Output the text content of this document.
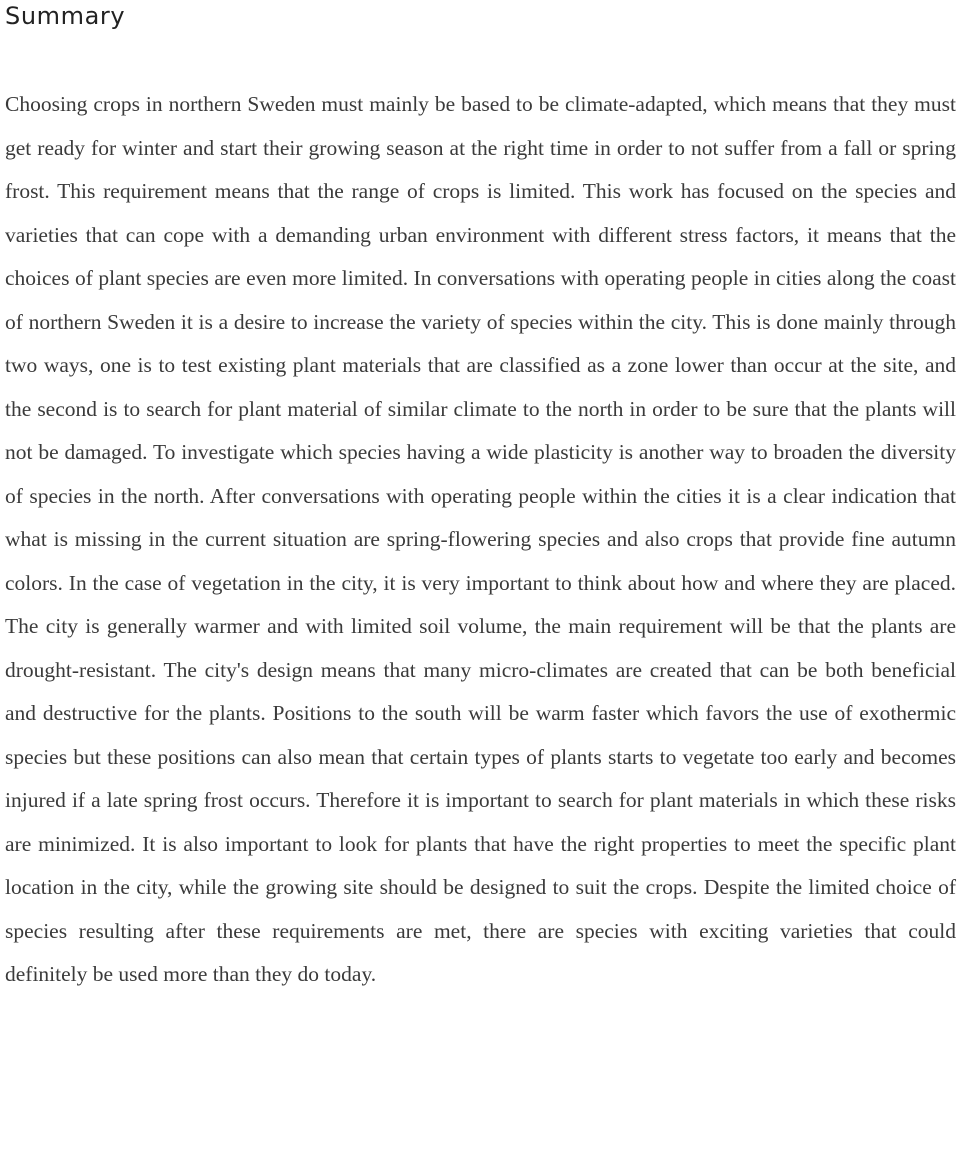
Summary

Choosing crops in northern Sweden must mainly be based to be climate-adapted, which means that they must get ready for winter and start their growing season at the right time in order to not suffer from a fall or spring frost. This requirement means that the range of crops is limited. This work has focused on the species and varieties that can cope with a demanding urban environment with different stress factors, it means that the choices of plant species are even more limited. In conversations with operating people in cities along the coast of northern Sweden it is a desire to increase the variety of species within the city. This is done mainly through two ways, one is to test existing plant materials that are classified as a zone lower than occur at the site, and the second is to search for plant material of similar climate to the north in order to be sure that the plants will not be damaged. To investigate which species having a wide plasticity is another way to broaden the diversity of species in the north. After conversations with operating people within the cities it is a clear indication that what is missing in the current situation are spring-flowering species and also crops that provide fine autumn colors. In the case of vegetation in the city, it is very important to think about how and where they are placed. The city is generally warmer and with limited soil volume, the main requirement will be that the plants are drought-resistant. The city's design means that many micro-climates are created that can be both beneficial and destructive for the plants. Positions to the south will be warm faster which favors the use of exothermic species but these positions can also mean that certain types of plants starts to vegetate too early and becomes injured if a late spring frost occurs. Therefore it is important to search for plant materials in which these risks are minimized. It is also important to look for plants that have the right properties to meet the specific plant location in the city, while the growing site should be designed to suit the crops. Despite the limited choice of species resulting after these requirements are met, there are species with exciting varieties that could definitely be used more than they do today.
